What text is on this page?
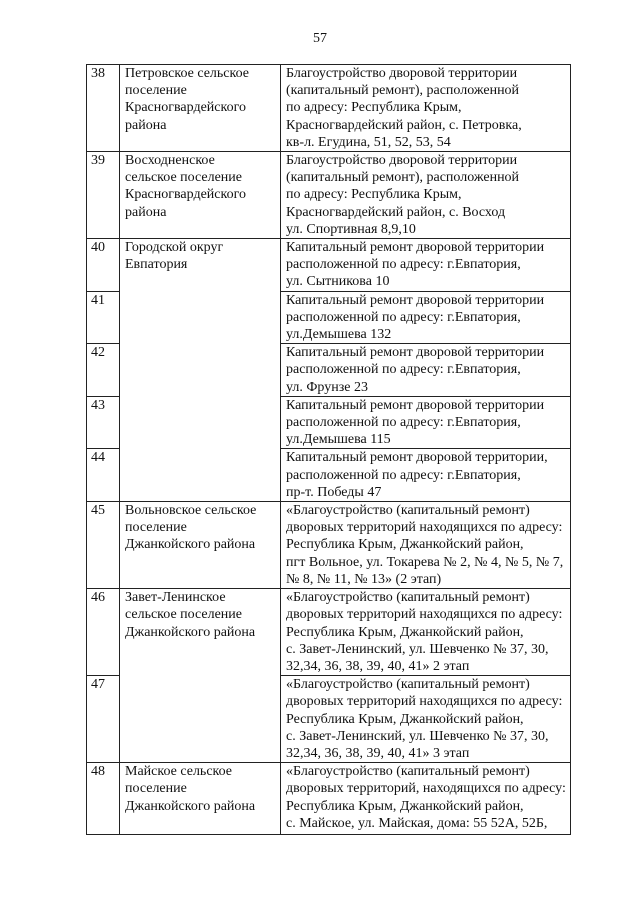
57
38	Петровское сельское
поселение
Красногвардейского
района	Благоустройство дворовой территории
(капитальный ремонт), расположенной
по адресу: Республика Крым,
Красногвардейский район, с. Петровка,
кв-л. Егудина, 51, 52, 53, 54

39	Восходненское
сельское поселение
Красногвардейского
района	Благоустройство дворовой территории
(капитальный ремонт), расположенной
по адресу: Республика Крым,
Красногвардейский район, с. Восход
ул. Спортивная 8,9,10

40	Городской округ
Евпатория	Капитальный ремонт дворовой территории
расположенной по адресу: г.Евпатория,
ул. Сытникова 10

41		Капитальный ремонт дворовой территории
расположенной по адресу: г.Евпатория,
ул.Демышева 132

42		Капитальный ремонт дворовой территории
расположенной по адресу: г.Евпатория,
ул. Фрунзе 23

43		Капитальный ремонт дворовой территории
расположенной по адресу: г.Евпатория,
ул.Демышева 115

44		Капитальный ремонт дворовой территории,
расположенной по адресу: г.Евпатория,
пр-т. Победы 47

45	Вольновское сельское
поселение
Джанкойского района	«Благоустройство (капитальный ремонт)
дворовых территорий находящихся по адресу:
Республика Крым, Джанкойский район,
пгт Вольное, ул. Токарева № 2, № 4, № 5, № 7,
№ 8, № 11, № 13» (2 этап)

46	Завет-Ленинское
сельское поселение
Джанкойского района	«Благоустройство (капитальный ремонт)
дворовых территорий находящихся по адресу:
Республика Крым, Джанкойский район,
с. Завет-Ленинский, ул. Шевченко № 37, 30,
32,34, 36, 38, 39, 40, 41» 2 этап

47		«Благоустройство (капитальный ремонт)
дворовых территорий находящихся по адресу:
Республика Крым, Джанкойский район,
с. Завет-Ленинский, ул. Шевченко № 37, 30,
32,34, 36, 38, 39, 40, 41» 3 этап

48	Майское сельское
поселение
Джанкойского района	«Благоустройство (капитальный ремонт)
дворовых территорий, находящихся по адресу:
Республика Крым, Джанкойский район,
с. Майское, ул. Майская, дома: 55 52А, 52Б,
